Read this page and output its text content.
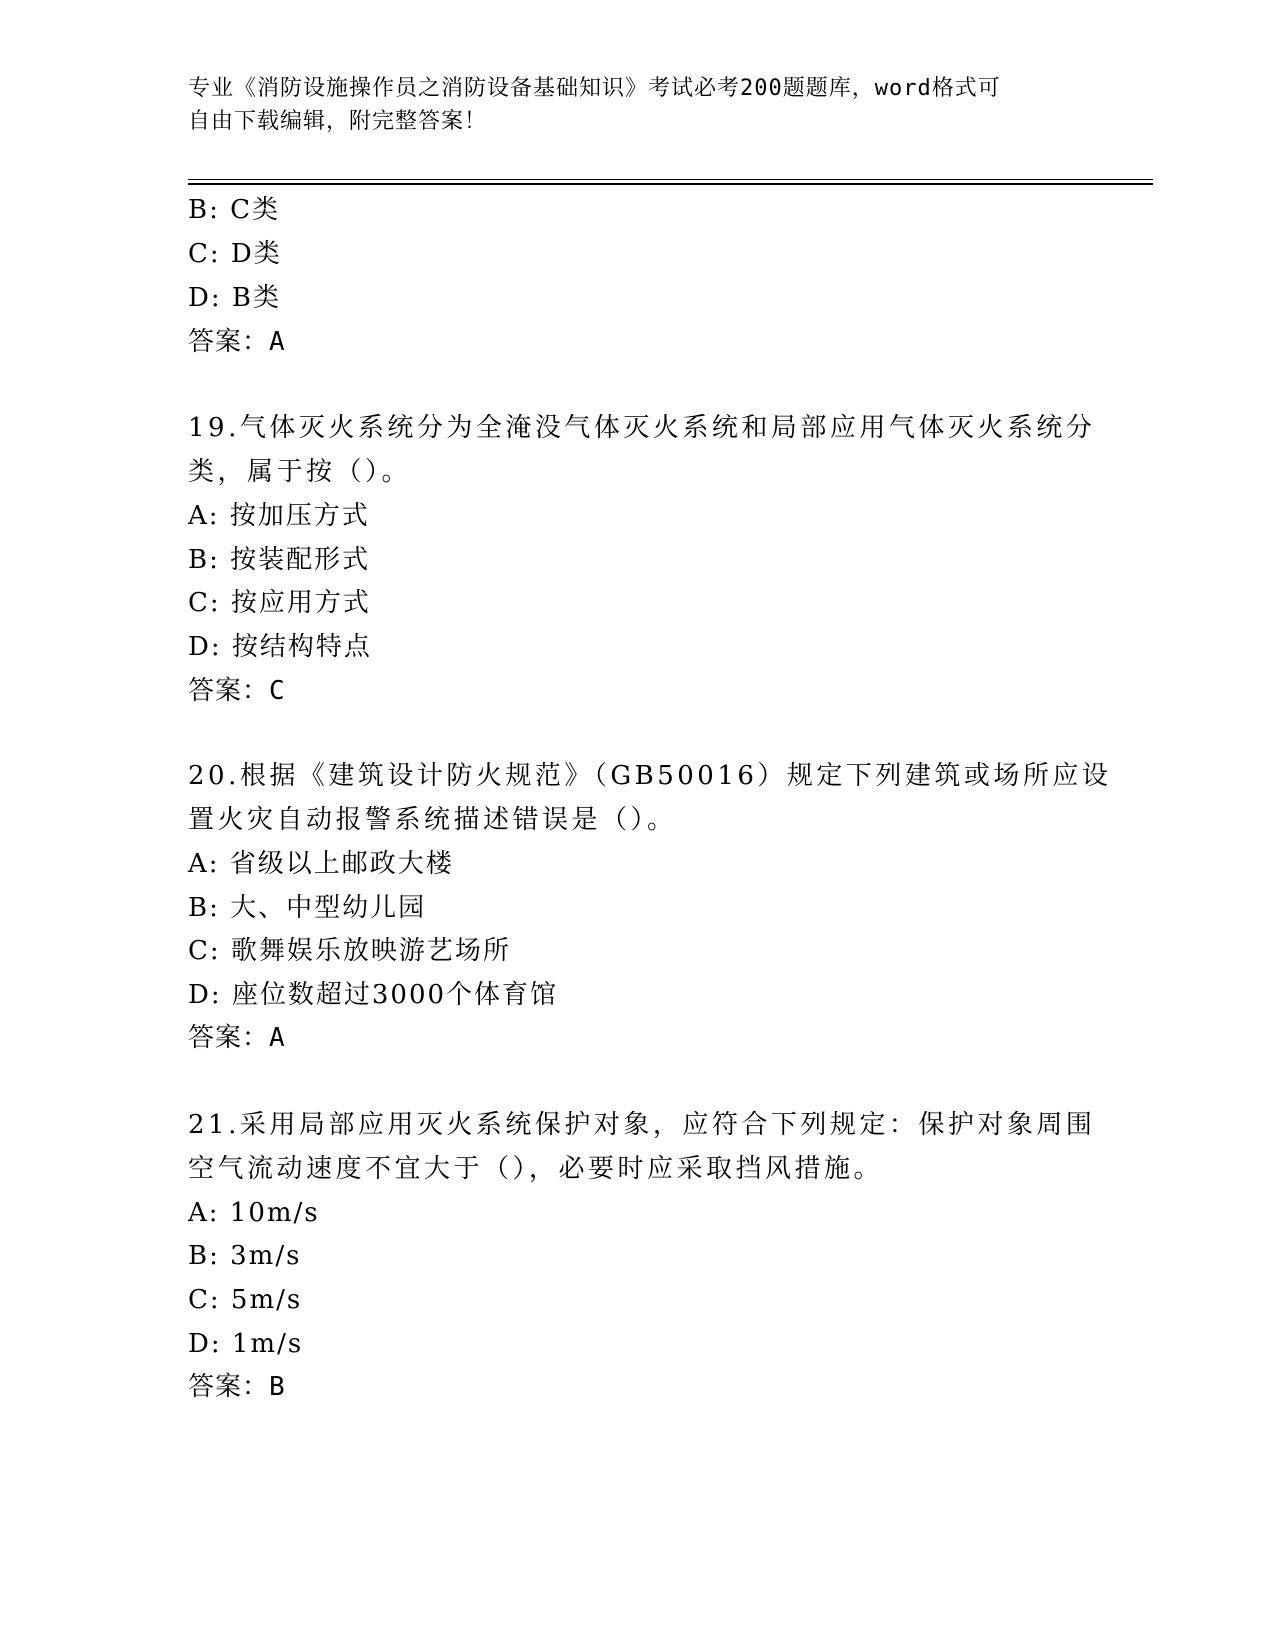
专业《消防设施操作员之消防设备基础知识》考试必考200题题库，word格式可
自由下载编辑，附完整答案！
B: C类
C: D类
D: B类
答案：A
19.气体灭火系统分为全淹没气体灭火系统和局部应用气体灭火系统分
类，属于按（）。
A: 按加压方式
B: 按装配形式
C: 按应用方式
D: 按结构特点
答案：C
20.根据《建筑设计防火规范》（GB50016）规定下列建筑或场所应设
置火灾自动报警系统描述错误是（）。
A: 省级以上邮政大楼
B: 大、中型幼儿园
C: 歌舞娱乐放映游艺场所
D: 座位数超过3000个体育馆
答案：A
21.采用局部应用灭火系统保护对象，应符合下列规定：保护对象周围
空气流动速度不宜大于（），必要时应采取挡风措施。
A: 10m/s
B: 3m/s
C: 5m/s
D: 1m/s
答案：B
